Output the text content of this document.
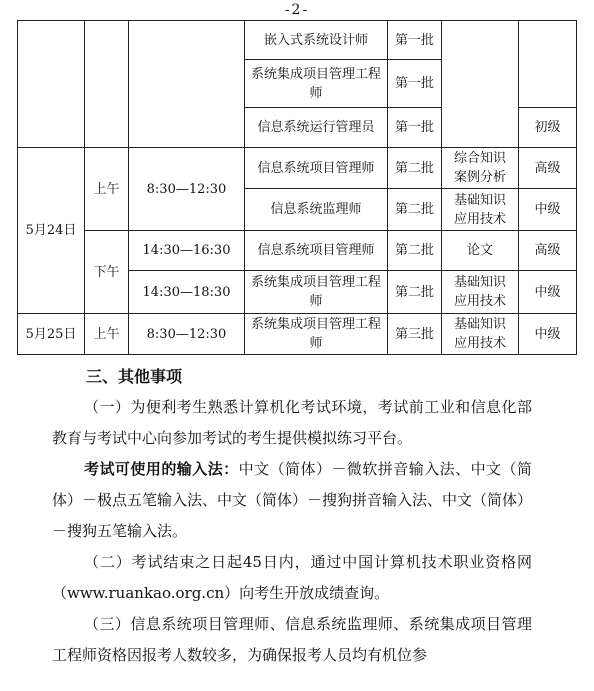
-2-
			嵌入式系统设计师	第一批		
			系统集成项目管理工程师	第一批		
			信息系统运行管理员	第一批		初级
5月24日	上午	8:30—12:30	信息系统项目管理师	第二批	综合知识案例分析	高级
			信息系统监理师	第二批	基础知识应用技术	中级
	下午	14:30—16:30	信息系统项目管理师	第二批	论文	高级
		14:30—18:30	系统集成项目管理工程师	第二批	基础知识应用技术	中级
5月25日	上午	8:30—12:30	系统集成项目管理工程师	第三批	基础知识应用技术	中级
三、其他事项

（一）为便利考生熟悉计算机化考试环境，考试前工业和信息化部教育与考试中心向参加考试的考生提供模拟练习平台。

考试可使用的输入法：中文（简体）－微软拼音输入法、中文（简体）－极点五笔输入法、中文（简体）－搜狗拼音输入法、中文（简体）－搜狗五笔输入法。

（二）考试结束之日起45日内，通过中国计算机技术职业资格网（www.ruankao.org.cn）向考生开放成绩查询。

（三）信息系统项目管理师、信息系统监理师、系统集成项目管理工程师资格因报考人数较多，为确保报考人员均有机位参
